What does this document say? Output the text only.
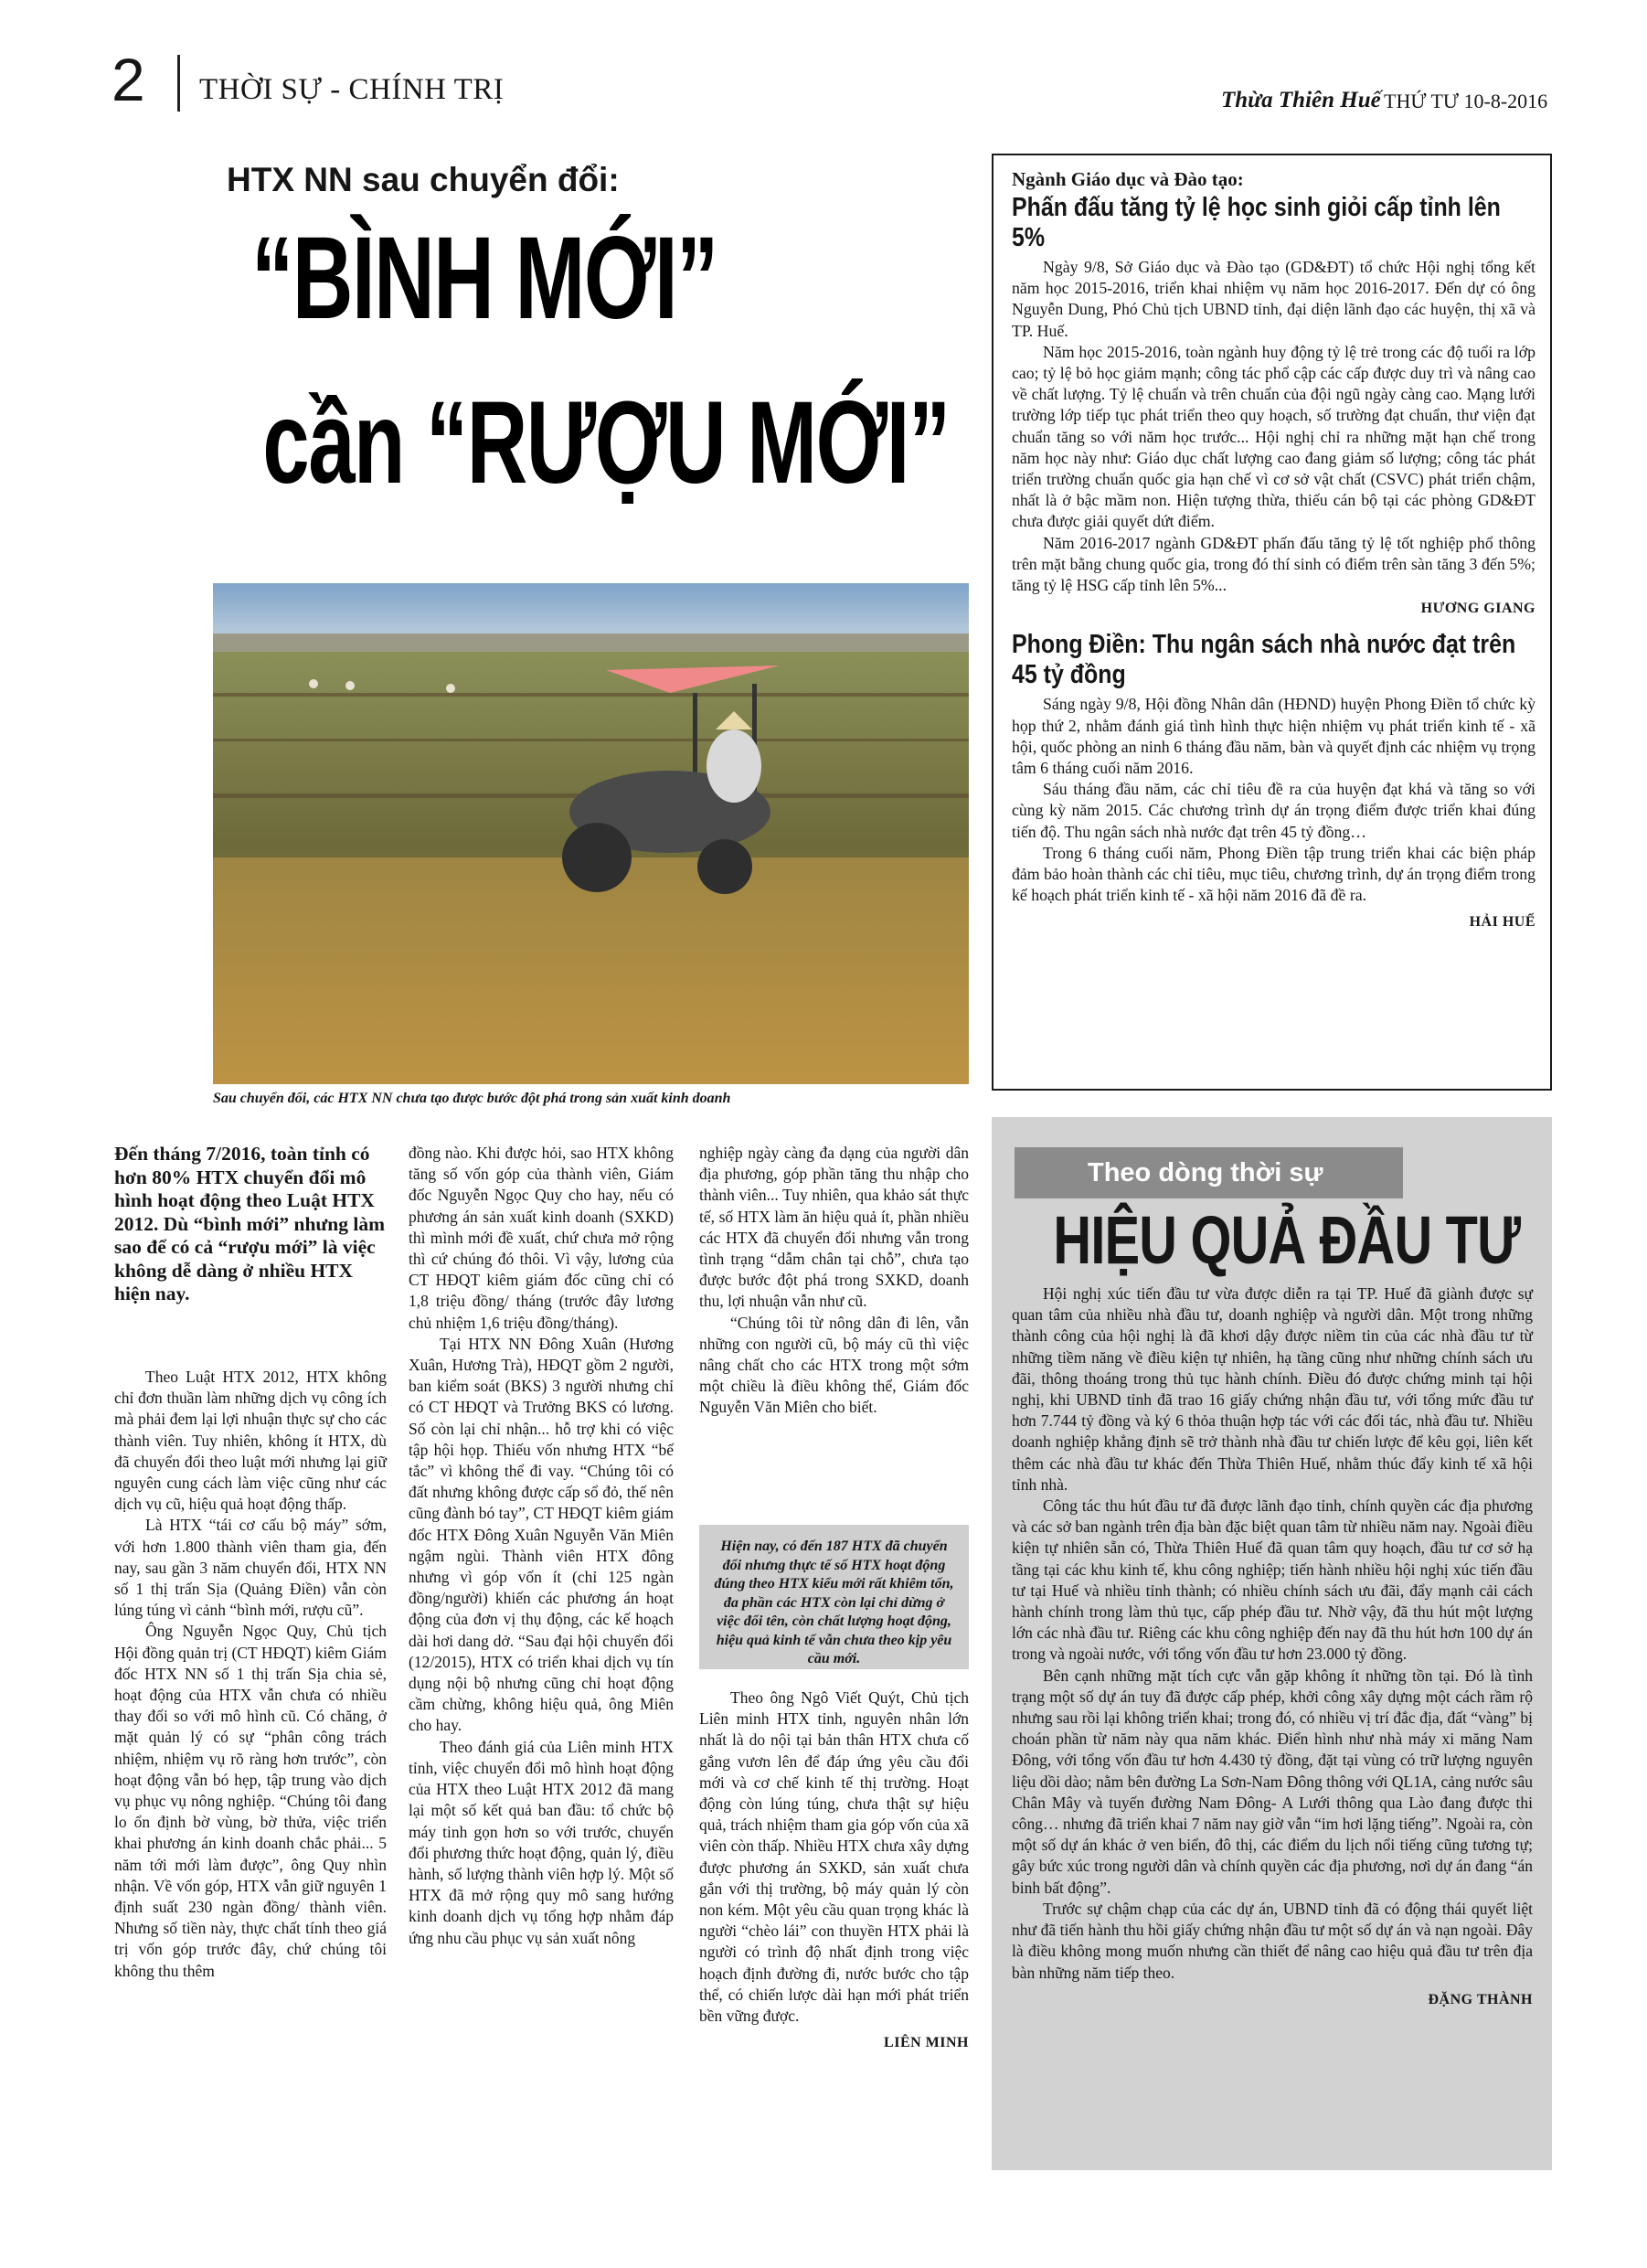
2 THỜI SỰ - CHÍNH TRỊ	Thừa Thiên Huế THỨ TƯ 10-8-2016
HTX NN sau chuyển đổi:
“BÌNH MỚI”
cần “RƯỢU MỚI”
Sau chuyển đổi, các HTX NN chưa tạo được bước đột phá trong sản xuất kinh doanh
Đến tháng 7/2016, toàn tỉnh có hơn 80% HTX chuyển đổi mô hình hoạt động theo Luật HTX 2012. Dù “bình mới” nhưng làm sao để có cả “rượu mới” là việc không dễ dàng ở nhiều HTX hiện nay.

Theo Luật HTX 2012, HTX không chỉ đơn thuần làm những dịch vụ công ích mà phải đem lại lợi nhuận thực sự cho các thành viên. Tuy nhiên, không ít HTX, dù đã chuyển đổi theo luật mới nhưng lại giữ nguyên cung cách làm việc cũng như các dịch vụ cũ, hiệu quả hoạt động thấp.

Là HTX “tái cơ cấu bộ máy” sớm, với hơn 1.800 thành viên tham gia, đến nay, sau gần 3 năm chuyển đổi, HTX NN số 1 thị trấn Sịa (Quảng Điền) vẫn còn lúng túng vì cảnh “bình mới, rượu cũ”.

Ông Nguyễn Ngọc Quy, Chủ tịch Hội đồng quản trị (CT HĐQT) kiêm Giám đốc HTX NN số 1 thị trấn Sịa chia sẻ, hoạt động của HTX vẫn chưa có nhiều thay đổi so với mô hình cũ. Có chăng, ở mặt quản lý có sự “phân công trách nhiệm, nhiệm vụ rõ ràng hơn trước”, còn hoạt động vẫn bó hẹp, tập trung vào dịch vụ phục vụ nông nghiệp. “Chúng tôi đang lo ổn định bờ vùng, bờ thửa, việc triển khai phương án kinh doanh chắc phải... 5 năm tới mới làm được”, ông Quy nhìn nhận. Về vốn góp, HTX vẫn giữ nguyên 1 định suất 230 ngàn đồng/ thành viên. Nhưng số tiền này, thực chất tính theo giá trị vốn góp trước đây, chứ chúng tôi không thu thêm

đồng nào. Khi được hỏi, sao HTX không tăng số vốn góp của thành viên, Giám đốc Nguyễn Ngọc Quy cho hay, nếu có phương án sản xuất kinh doanh (SXKD) thì mình mới đề xuất, chứ chưa mở rộng thì cứ chúng đó thôi. Vì vậy, lương của CT HĐQT kiêm giám đốc cũng chỉ có 1,8 triệu đồng/ tháng (trước đây lương chủ nhiệm 1,6 triệu đồng/tháng).

Tại HTX NN Đông Xuân (Hương Xuân, Hương Trà), HĐQT gồm 2 người, ban kiểm soát (BKS) 3 người nhưng chỉ có CT HĐQT và Trưởng BKS có lương. Số còn lại chỉ nhận... hỗ trợ khi có việc tập hội họp. Thiếu vốn nhưng HTX “bế tắc” vì không thể đi vay. “Chúng tôi có đất nhưng không được cấp sổ đỏ, thế nên cũng đành bó tay”, CT HĐQT kiêm giám đốc HTX Đông Xuân Nguyễn Văn Miên ngậm ngùi. Thành viên HTX đông nhưng vì góp vốn ít (chỉ 125 ngàn đồng/người) khiến các phương án hoạt động của đơn vị thụ động, các kế hoạch dài hơi dang dở. “Sau đại hội chuyển đổi (12/2015), HTX có triển khai dịch vụ tín dụng nội bộ nhưng cũng chỉ hoạt động cầm chừng, không hiệu quả, ông Miên cho hay.

Theo đánh giá của Liên minh HTX tỉnh, việc chuyển đổi mô hình hoạt động của HTX theo Luật HTX 2012 đã mang lại một số kết quả ban đầu: tổ chức bộ máy tinh gọn hơn so với trước, chuyển đổi phương thức hoạt động, quản lý, điều hành, số lượng thành viên hợp lý. Một số HTX đã mở rộng quy mô sang hướng kinh doanh dịch vụ tổng hợp nhằm đáp ứng nhu cầu phục vụ sản xuất nông

nghiệp ngày càng đa dạng của người dân địa phương, góp phần tăng thu nhập cho thành viên... Tuy nhiên, qua khảo sát thực tế, số HTX làm ăn hiệu quả ít, phần nhiều các HTX đã chuyển đổi nhưng vẫn trong tình trạng “dẫm chân tại chỗ”, chưa tạo được bước đột phá trong SXKD, doanh thu, lợi nhuận vẫn như cũ.

“Chúng tôi từ nông dân đi lên, vẫn những con người cũ, bộ máy cũ thì việc nâng chất cho các HTX trong một sớm một chiều là điều không thể, Giám đốc Nguyễn Văn Miên cho biết.

Hiện nay, có đến 187 HTX đã chuyển đổi nhưng thực tế số HTX hoạt động đúng theo HTX kiểu mới rất khiêm tốn, đa phần các HTX còn lại chỉ dừng ở việc đổi tên, còn chất lượng hoạt động, hiệu quả kinh tế vẫn chưa theo kịp yêu cầu mới.

Theo ông Ngô Viết Quýt, Chủ tịch Liên minh HTX tỉnh, nguyên nhân lớn nhất là do nội tại bản thân HTX chưa cố gắng vươn lên để đáp ứng yêu cầu đổi mới và cơ chế kinh tế thị trường. Hoạt động còn lúng túng, chưa thật sự hiệu quả, trách nhiệm tham gia góp vốn của xã viên còn thấp. Nhiều HTX chưa xây dựng được phương án SXKD, sản xuất chưa gắn với thị trường, bộ máy quản lý còn non kém. Một yêu cầu quan trọng khác là người “chèo lái” con thuyền HTX phải là người có trình độ nhất định trong việc hoạch định đường đi, nước bước cho tập thể, có chiến lược dài hạn mới phát triển bền vững được.

LIÊN MINH

Ngành Giáo dục và Đào tạo:

Phấn đấu tăng tỷ lệ học sinh giỏi cấp tỉnh lên 5%

Ngày 9/8, Sở Giáo dục và Đào tạo (GD&ĐT) tổ chức Hội nghị tổng kết năm học 2015-2016, triển khai nhiệm vụ năm học 2016-2017. Đến dự có ông Nguyễn Dung, Phó Chủ tịch UBND tỉnh, đại diện lãnh đạo các huyện, thị xã và TP. Huế.

Năm học 2015-2016, toàn ngành huy động tỷ lệ trẻ trong các độ tuổi ra lớp cao; tỷ lệ bỏ học giảm mạnh; công tác phổ cập các cấp được duy trì và nâng cao về chất lượng. Tỷ lệ chuẩn và trên chuẩn của đội ngũ ngày càng cao. Mạng lưới trường lớp tiếp tục phát triển theo quy hoạch, số trường đạt chuẩn, thư viện đạt chuẩn tăng so với năm học trước... Hội nghị chỉ ra những mặt hạn chế trong năm học này như: Giáo dục chất lượng cao đang giảm số lượng; công tác phát triển trường chuẩn quốc gia hạn chế vì cơ sở vật chất (CSVC) phát triển chậm, nhất là ở bậc mầm non. Hiện tượng thừa, thiếu cán bộ tại các phòng GD&ĐT chưa được giải quyết dứt điểm.

Năm 2016-2017 ngành GD&ĐT phấn đấu tăng tỷ lệ tốt nghiệp phổ thông trên mặt bằng chung quốc gia, trong đó thí sinh có điểm trên sàn tăng 3 đến 5%; tăng tỷ lệ HSG cấp tỉnh lên 5%...

HƯƠNG GIANG
Phong Điền: Thu ngân sách nhà nước đạt trên 45 tỷ đồng

Sáng ngày 9/8, Hội đồng Nhân dân (HĐND) huyện Phong Điền tổ chức kỳ họp thứ 2, nhằm đánh giá tình hình thực hiện nhiệm vụ phát triển kinh tế - xã hội, quốc phòng an ninh 6 tháng đầu năm, bàn và quyết định các nhiệm vụ trọng tâm 6 tháng cuối năm 2016.

Sáu tháng đầu năm, các chỉ tiêu đề ra của huyện đạt khá và tăng so với cùng kỳ năm 2015. Các chương trình dự án trọng điểm được triển khai đúng tiến độ. Thu ngân sách nhà nước đạt trên 45 tỷ đồng…

Trong 6 tháng cuối năm, Phong Điền tập trung triển khai các biện pháp đảm bảo hoàn thành các chỉ tiêu, mục tiêu, chương trình, dự án trọng điểm trong kế hoạch phát triển kinh tế - xã hội năm 2016 đã đề ra.

HẢI HUẾ
Theo dòng thời sự
HIỆU QUẢ ĐẦU TƯ

Hội nghị xúc tiến đầu tư vừa được diễn ra tại TP. Huế đã giành được sự quan tâm của nhiều nhà đầu tư, doanh nghiệp và người dân. Một trong những thành công của hội nghị là đã khơi dậy được niềm tin của các nhà đầu tư từ những tiềm năng về điều kiện tự nhiên, hạ tầng cũng như những chính sách ưu đãi, thông thoáng trong thủ tục hành chính. Điều đó được chứng minh tại hội nghị, khi UBND tỉnh đã trao 16 giấy chứng nhận đầu tư, với tổng mức đầu tư hơn 7.744 tỷ đồng và ký 6 thỏa thuận hợp tác với các đối tác, nhà đầu tư. Nhiều doanh nghiệp khẳng định sẽ trở thành nhà đầu tư chiến lược để kêu gọi, liên kết thêm các nhà đầu tư khác đến Thừa Thiên Huế, nhằm thúc đẩy kinh tế xã hội tỉnh nhà.

Công tác thu hút đầu tư đã được lãnh đạo tỉnh, chính quyền các địa phương và các sở ban ngành trên địa bàn đặc biệt quan tâm từ nhiều năm nay. Ngoài điều kiện tự nhiên sẵn có, Thừa Thiên Huế đã quan tâm quy hoạch, đầu tư cơ sở hạ tầng tại các khu kinh tế, khu công nghiệp; tiến hành nhiều hội nghị xúc tiến đầu tư tại Huế và nhiều tỉnh thành; có nhiều chính sách ưu đãi, đẩy mạnh cải cách hành chính trong làm thủ tục, cấp phép đầu tư. Nhờ vậy, đã thu hút một lượng lớn các nhà đầu tư. Riêng các khu công nghiệp đến nay đã thu hút hơn 100 dự án trong và ngoài nước, với tổng vốn đầu tư hơn 23.000 tỷ đồng.

Bên cạnh những mặt tích cực vẫn gặp không ít những tồn tại. Đó là tình trạng một số dự án tuy đã được cấp phép, khởi công xây dựng một cách rầm rộ nhưng sau rồi lại không triển khai; trong đó, có nhiều vị trí đắc địa, đất “vàng” bị choán phần từ năm này qua năm khác. Điển hình như nhà máy xi măng Nam Đông, với tổng vốn đầu tư hơn 4.430 tỷ đồng, đặt tại vùng có trữ lượng nguyên liệu dồi dào; nằm bên đường La Sơn-Nam Đông thông với QL1A, cảng nước sâu Chân Mây và tuyến đường Nam Đông- A Lưới thông qua Lào đang được thi công… nhưng đã triển khai 7 năm nay giờ vẫn “im hơi lặng tiếng”. Ngoài ra, còn một số dự án khác ở ven biển, đô thị, các điểm du lịch nổi tiếng cũng tương tự; gây bức xúc trong người dân và chính quyền các địa phương, nơi dự án đang “án binh bất động”.

Trước sự chậm chạp của các dự án, UBND tỉnh đã có động thái quyết liệt như đã tiến hành thu hồi giấy chứng nhận đầu tư một số dự án và nạn ngoài. Đây là điều không mong muốn nhưng cần thiết để nâng cao hiệu quả đầu tư trên địa bàn những năm tiếp theo.

ĐẶNG THÀNH
